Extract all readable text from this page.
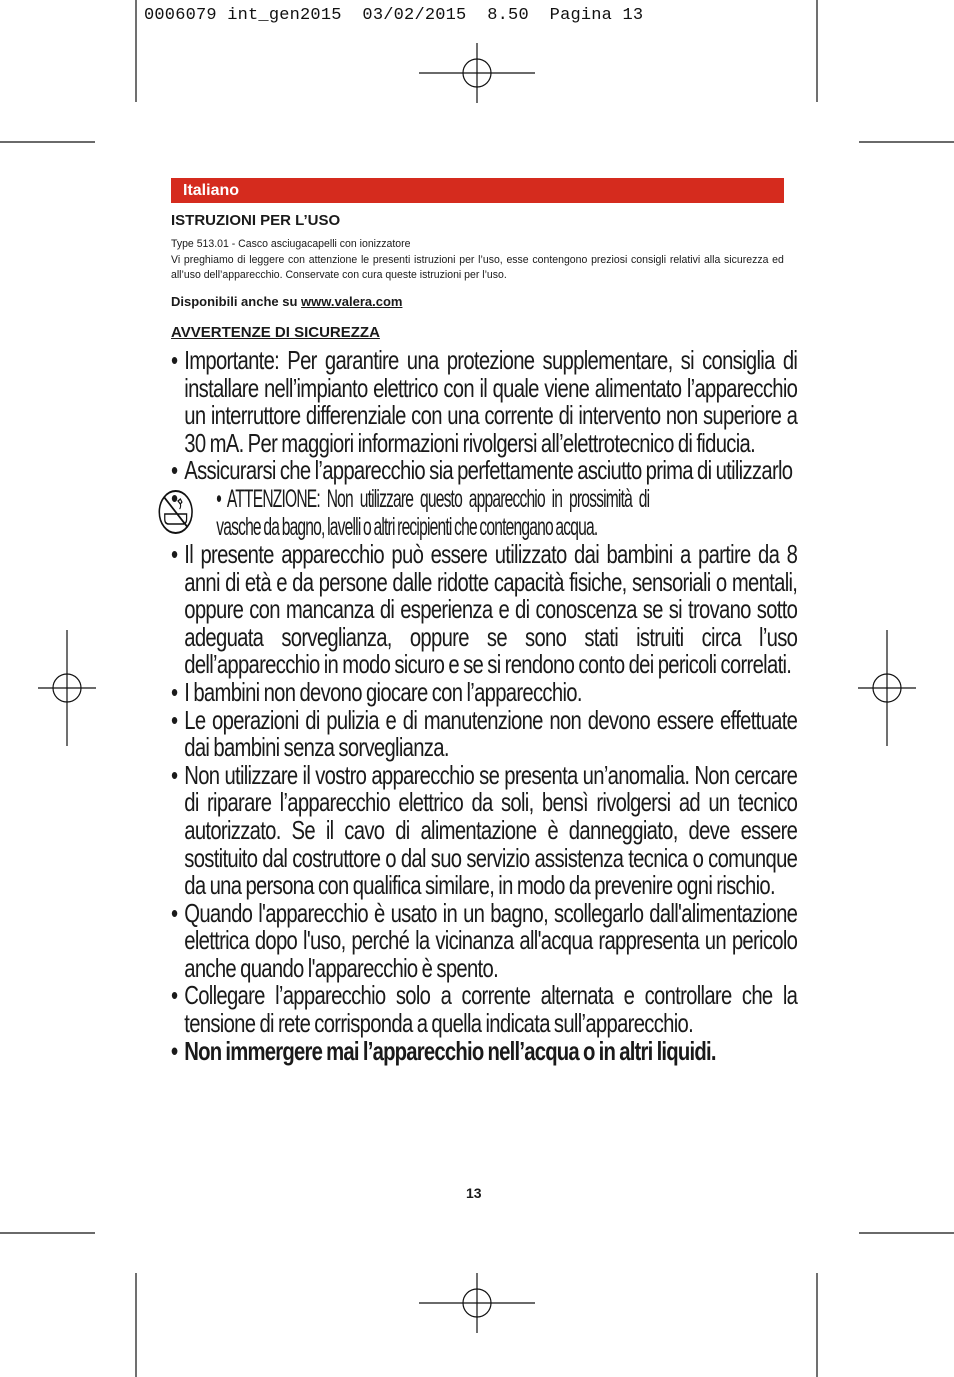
0006079 int_gen2015  03/02/2015  8.50  Pagina 13
Italiano
ISTRUZIONI PER L’USO
Type 513.01 - Casco asciugacapelli con ionizzatore
Vi preghiamo di leggere con attenzione le presenti istruzioni per l’uso, esse contengono preziosi consigli relativi alla sicurezza ed all’uso dell’apparecchio. Conservate con cura queste istruzioni per l’uso.
Disponibili anche su www.valera.com
AVVERTENZE DI SICUREZZA
• Importante: Per garantire una protezione supplementare, si consiglia di installare nell’impianto elettrico con il quale viene alimentato l’apparecchio un interruttore differenziale con una corrente di intervento non superiore a 30 mA. Per maggiori informazioni rivolgersi all’elettrotecnico di fiducia.
• Assicurarsi che l’apparecchio sia perfettamente asciutto prima di utilizzarlo
• • ATTENZIONE: Non utilizzare questo apparecchio in prossimità di vasche da bagno, lavelli o altri recipienti che contengano acqua.
• Il presente apparecchio può essere utilizzato dai bambini a partire da 8 anni di età e da persone dalle ridotte capacità fisiche, sensoriali o mentali, oppure con mancanza di esperienza e di conoscenza se si trovano sotto adeguata sorveglianza, oppure se sono stati istruiti circa l’uso dell’apparecchio in modo sicuro e se si rendono conto dei pericoli correlati.
• I bambini non devono giocare con l’apparecchio.
• Le operazioni di pulizia e di manutenzione non devono essere effettuate dai bambini senza sorveglianza.
• Non utilizzare il vostro apparecchio se presenta un’anomalia. Non cercare di riparare l’apparecchio elettrico da soli, bensì rivolgersi ad un tecnico autorizzato. Se il cavo di alimentazione è danneggiato, deve essere sostituito dal costruttore o dal suo servizio assistenza tecnica o comunque da una persona con qualifica similare, in modo da prevenire ogni rischio.
• Quando l'apparecchio è usato in un bagno, scollegarlo dall'alimentazione elettrica dopo l'uso, perché la vicinanza all'acqua rappresenta un pericolo anche quando l'apparecchio è spento.
• Collegare l’apparecchio solo a corrente alternata e controllare che la tensione di rete corrisponda a quella indicata sull’apparecchio.
• Non immergere mai l’apparecchio nell’acqua o in altri liquidi.
13
